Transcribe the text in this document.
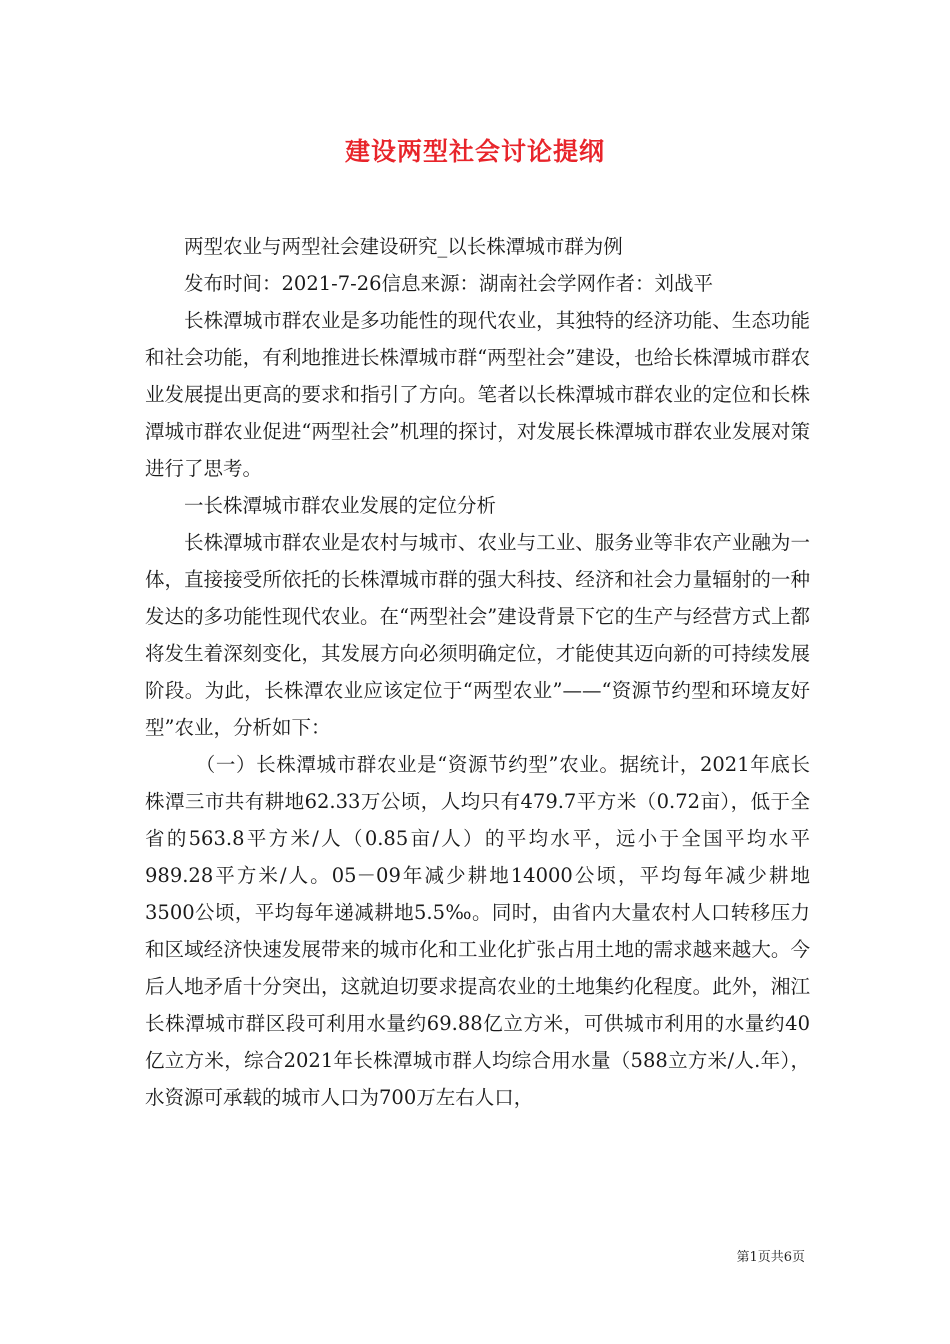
建设两型社会讨论提纲

两型农业与两型社会建设研究_以长株潭城市群为例

发布时间：2021-7-26信息来源：湖南社会学网作者：刘战平

长株潭城市群农业是多功能性的现代农业，其独特的经济功能、生态功能和社会功能，有利地推进长株潭城市群“两型社会”建设，也给长株潭城市群农业发展提出更高的要求和指引了方向。笔者以长株潭城市群农业的定位和长株潭城市群农业促进“两型社会”机理的探讨，对发展长株潭城市群农业发展对策进行了思考。

一长株潭城市群农业发展的定位分析

长株潭城市群农业是农村与城市、农业与工业、服务业等非农产业融为一体，直接接受所依托的长株潭城市群的强大科技、经济和社会力量辐射的一种发达的多功能性现代农业。在“两型社会”建设背景下它的生产与经营方式上都将发生着深刻变化，其发展方向必须明确定位，才能使其迈向新的可持续发展阶段。为此，长株潭农业应该定位于“两型农业”——“资源节约型和环境友好型”农业，分析如下：

（一）长株潭城市群农业是“资源节约型”农业。据统计，2021年底长株潭三市共有耕地62.33万公顷，人均只有479.7平方米（0.72亩），低于全省的563.8平方米/人（0.85亩/人）的平均水平，远小于全国平均水平989.28平方米/人。05－09年减少耕地14000公顷，平均每年减少耕地3500公顷，平均每年递减耕地5.5‰。同时，由省内大量农村人口转移压力和区域经济快速发展带来的城市化和工业化扩张占用土地的需求越来越大。今后人地矛盾十分突出，这就迫切要求提高农业的土地集约化程度。此外，湘江长株潭城市群区段可利用水量约69.88亿立方米，可供城市利用的水量约40亿立方米，综合2021年长株潭城市群人均综合用水量（588立方米/人.年），水资源可承载的城市人口为700万左右人口，

第1页共6页
